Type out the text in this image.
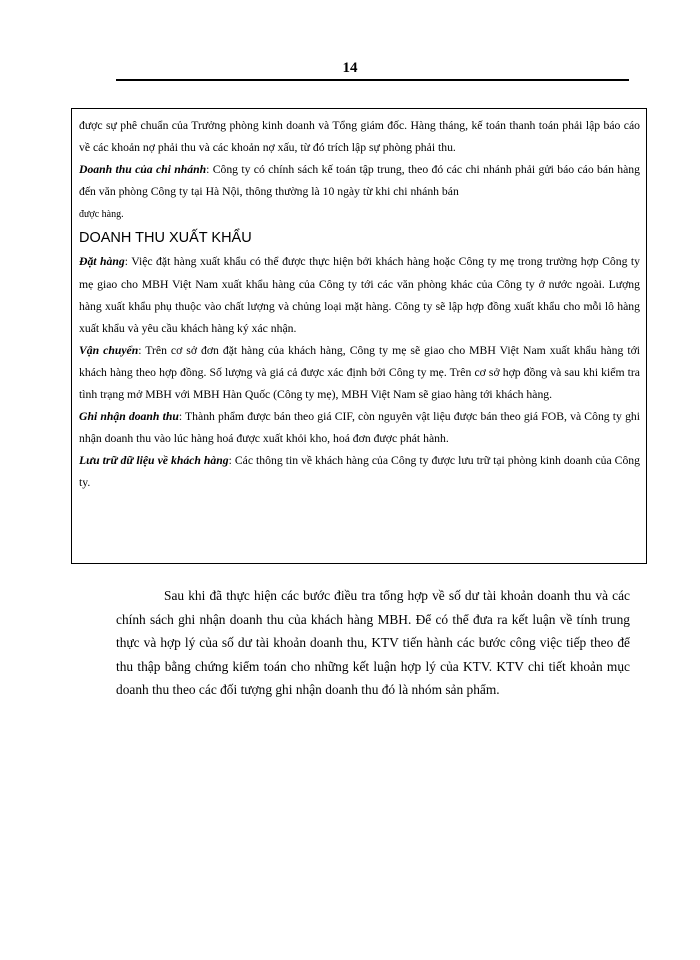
14

được sự phê chuẩn của Trưởng phòng kinh doanh và Tổng giám đốc. Hàng tháng, kế toán thanh toán phải lập báo cáo về các khoản nợ phải thu và các khoản nợ xấu, từ đó trích lập sự phòng phải thu.

Doanh thu của chi nhánh: Công ty có chính sách kế toán tập trung, theo đó các chi nhánh phải gửi báo cáo bán hàng đến văn phòng Công ty tại Hà Nội, thông thường là 10 ngày từ khi chi nhánh bán
được hàng.

DOANH THU XUẤT KHẨU

Đặt hàng: Việc đặt hàng xuất khẩu có thể được thực hiện bởi khách hàng hoặc Công ty mẹ trong trường hợp Công ty mẹ giao cho MBH Việt Nam xuất khẩu hàng của Công ty tới các văn phòng khác của Công ty ở nước ngoài. Lượng hàng xuất khẩu phụ thuộc vào chất lượng và chủng loại mặt hàng. Công ty sẽ lập hợp đồng xuất khẩu cho mỗi lô hàng xuất khẩu và yêu cầu khách hàng ký xác nhận.

Vận chuyển: Trên cơ sở đơn đặt hàng của khách hàng, Công ty mẹ sẽ giao cho MBH Việt Nam xuất khẩu hàng tới khách hàng theo hợp đồng. Số lượng và giá cả được xác định bởi Công ty mẹ. Trên cơ sở hợp đồng và sau khi kiểm tra tình trạng mở MBH với MBH Hàn Quốc (Công ty mẹ), MBH Việt Nam sẽ giao hàng tới khách hàng.

Ghi nhận doanh thu: Thành phẩm được bán theo giá CIF, còn nguyên vật liệu được bán theo giá FOB, và Công ty ghi nhận doanh thu vào lúc hàng hoá được xuất khỏi kho, hoá đơn được phát hành.

Lưu trữ dữ liệu về khách hàng: Các thông tin về khách hàng của Công ty được lưu trữ tại phòng kinh doanh của Công ty.

Sau khi đã thực hiện các bước điều tra tổng hợp về số dư tài khoản doanh thu và các chính sách ghi nhận doanh thu của khách hàng MBH. Để có thể đưa ra kết luận về tính trung thực và hợp lý của số dư tài khoản doanh thu, KTV tiến hành các bước công việc tiếp theo để thu thập bằng chứng kiểm toán cho những kết luận hợp lý của KTV. KTV chi tiết khoản mục doanh thu theo các đối tượng ghi nhận doanh thu đó là nhóm sản phẩm.
